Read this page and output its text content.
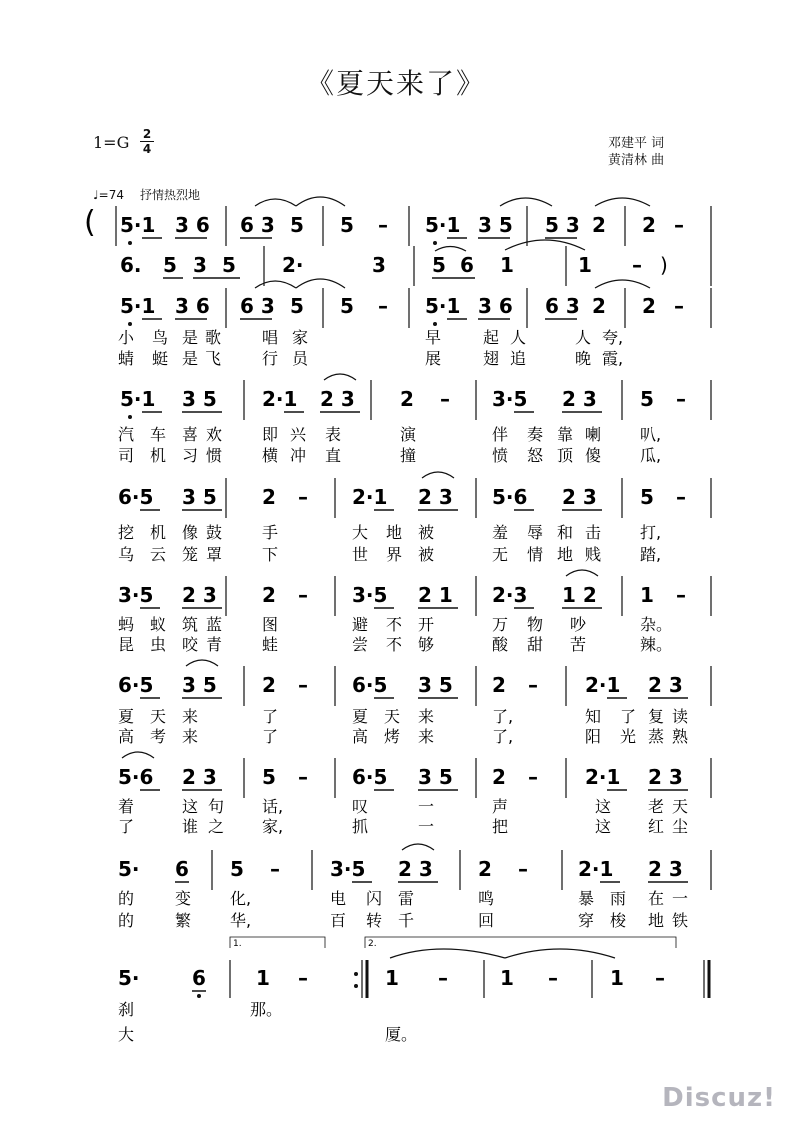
《夏天来了》
1=G 2
4	邓建平 词
黄清林 曲
♩=74 抒情热烈地
( 5·1 3 6 6 3 5 5 – 5·1 3 5 5 3 2 2 –
6. 5 3 5 2·	3 5 6 1	1 – )
5·1 3 6 6 3 5 5 – 5·1 3 6 6 3 2 2 –
小 鸟 是 歌	唱 家	早	起 人	人 夸,
蜻 蜓 是 飞	行 员	展	翅 追	晚 霞,
5·1 3 5 2·1 2 3 2 – 3·5 2 3 5 –
汽 车 喜 欢 即 兴 表	演	伴 奏 靠 喇 叭,
司 机 习 惯 横 冲 直	撞	愤 怒 顶 傻 瓜,
6·5 3 5 2 – 2·1 2 3 5·6 2 3 5 –
挖 机 像 鼓 手	大 地 被	羞 辱 和 击 打,
乌 云 笼 罩 下	世 界 被	无 情 地 贱 踏,
3·5 2 3 2 – 3·5 2 1 2·3 1 2 1 –
蚂 蚁 筑 蓝 图	避 不 开	万 物 吵	杂。
昆 虫 咬 青 蛙	尝 不 够	酸 甜 苦	辣。
6·5 3 5 2 – 6·5 3 5 2 – 2·1 2 3
夏 天 来	了	夏 天 来	了,	知 了 复 读
高 考 来	了	高 烤 来	了,	阳 光 蒸 熟
5·6 2 3 5 – 6·5 3 5 2 – 2·1 2 3
着	这 句 话,	叹	一	声	这 老 天
了	谁 之 家,	抓	一	把	这 红 尘
5· 6 5 –	3·5 2 3 2 –	2·1 2 3
的	变 化,	电 闪 雷	鸣	暴 雨 在 一
的	繁 华,	百 转 千	回	穿 梭 地 铁
1.	2.
5·	6	1 –	1 –	1 –	1 –
刹	那。
大	厦。
Discuz!
